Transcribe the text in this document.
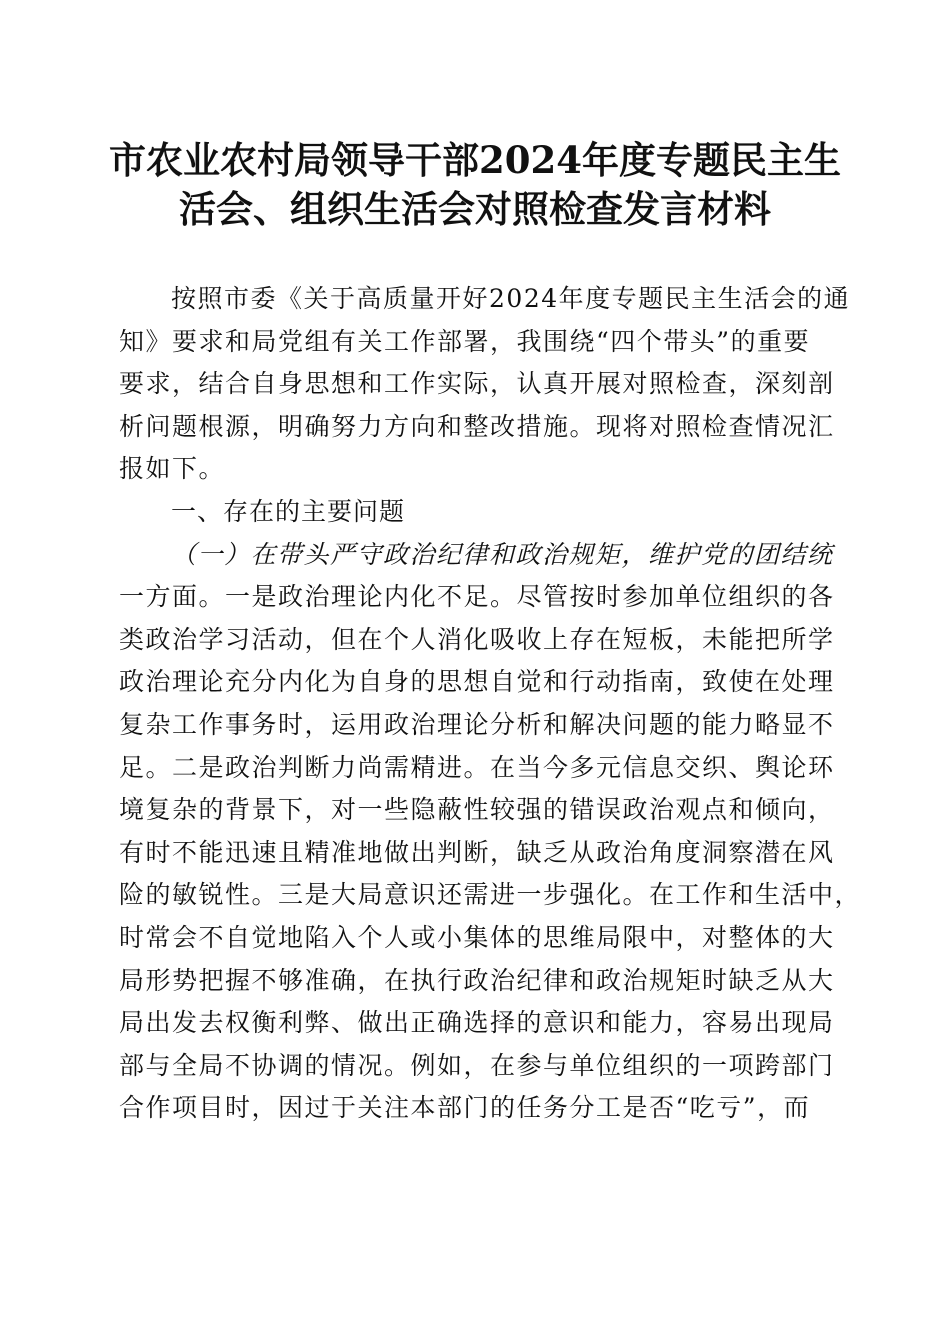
市农业农村局领导干部2024年度专题民主生
活会、组织生活会对照检查发言材料
按照市委《关于高质量开好2024年度专题民主生活会的通
知》要求和局党组有关工作部署，我围绕“四个带头”的重要
要求，结合自身思想和工作实际，认真开展对照检查，深刻剖
析问题根源，明确努力方向和整改措施。现将对照检查情况汇
报如下。
一、存在的主要问题
（一）在带头严守政治纪律和政治规矩，维护党的团结统
一方面。一是政治理论内化不足。尽管按时参加单位组织的各
类政治学习活动，但在个人消化吸收上存在短板，未能把所学
政治理论充分内化为自身的思想自觉和行动指南，致使在处理
复杂工作事务时，运用政治理论分析和解决问题的能力略显不
足。二是政治判断力尚需精进。在当今多元信息交织、舆论环
境复杂的背景下，对一些隐蔽性较强的错误政治观点和倾向，
有时不能迅速且精准地做出判断，缺乏从政治角度洞察潜在风
险的敏锐性。三是大局意识还需进一步强化。在工作和生活中，
时常会不自觉地陷入个人或小集体的思维局限中，对整体的大
局形势把握不够准确，在执行政治纪律和政治规矩时缺乏从大
局出发去权衡利弊、做出正确选择的意识和能力，容易出现局
部与全局不协调的情况。例如，在参与单位组织的一项跨部门
合作项目时，因过于关注本部门的任务分工是否“吃亏”，而
